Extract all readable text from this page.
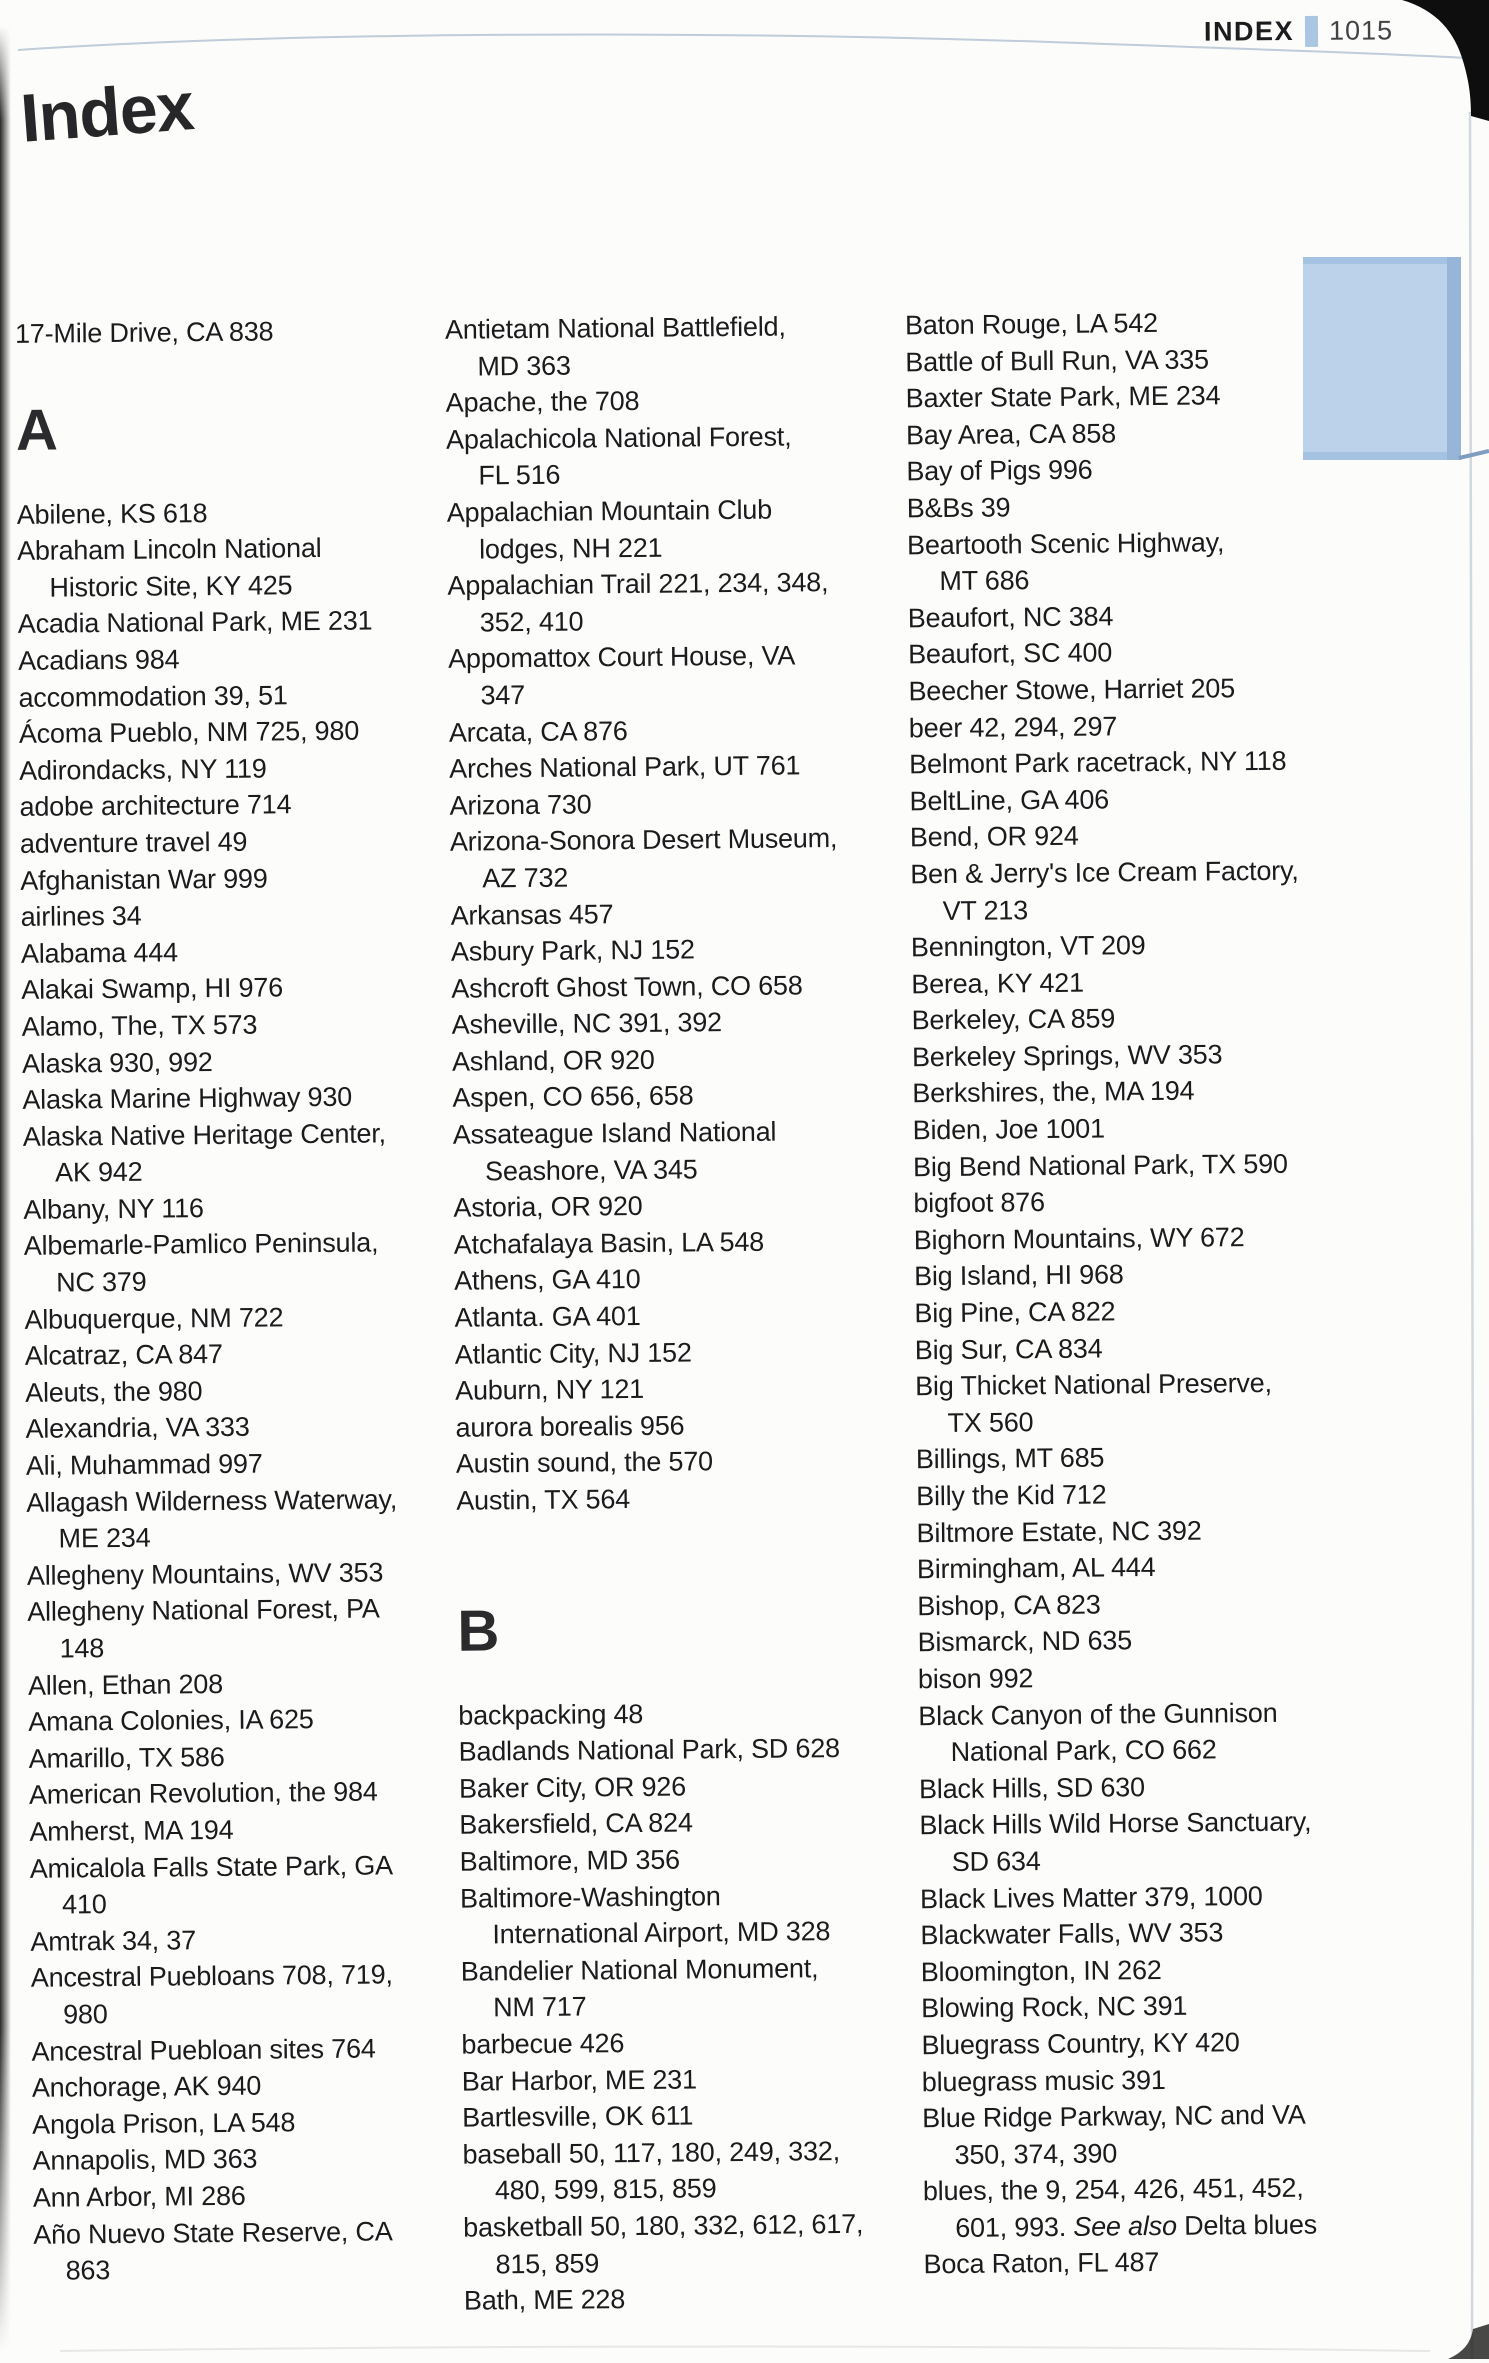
INDEX 1015
Index
17-Mile Drive, CA 838
A
Abilene, KS 618
Abraham Lincoln National
Historic Site, KY 425
Acadia National Park, ME 231
Acadians 984
accommodation 39, 51
Ácoma Pueblo, NM 725, 980
Adirondacks, NY 119
adobe architecture 714
adventure travel 49
Afghanistan War 999
airlines 34
Alabama 444
Alakai Swamp, HI 976
Alamo, The, TX 573
Alaska 930, 992
Alaska Marine Highway 930
Alaska Native Heritage Center,
AK 942
Albany, NY 116
Albemarle-Pamlico Peninsula,
NC 379
Albuquerque, NM 722
Alcatraz, CA 847
Aleuts, the 980
Alexandria, VA 333
Ali, Muhammad 997
Allagash Wilderness Waterway,
ME 234
Allegheny Mountains, WV 353
Allegheny National Forest, PA
148
Allen, Ethan 208
Amana Colonies, IA 625
Amarillo, TX 586
American Revolution, the 984
Amherst, MA 194
Amicalola Falls State Park, GA
410
Amtrak 34, 37
Ancestral Puebloans 708, 719,
980
Ancestral Puebloan sites 764
Anchorage, AK 940
Angola Prison, LA 548
Annapolis, MD 363
Ann Arbor, MI 286
Año Nuevo State Reserve, CA
863
Antietam National Battlefield,
MD 363
Apache, the 708
Apalachicola National Forest,
FL 516
Appalachian Mountain Club
lodges, NH 221
Appalachian Trail 221, 234, 348,
352, 410
Appomattox Court House, VA
347
Arcata, CA 876
Arches National Park, UT 761
Arizona 730
Arizona-Sonora Desert Museum,
AZ 732
Arkansas 457
Asbury Park, NJ 152
Ashcroft Ghost Town, CO 658
Asheville, NC 391, 392
Ashland, OR 920
Aspen, CO 656, 658
Assateague Island National
Seashore, VA 345
Astoria, OR 920
Atchafalaya Basin, LA 548
Athens, GA 410
Atlanta. GA 401
Atlantic City, NJ 152
Auburn, NY 121
aurora borealis 956
Austin sound, the 570
Austin, TX 564
B
backpacking 48
Badlands National Park, SD 628
Baker City, OR 926
Bakersfield, CA 824
Baltimore, MD 356
Baltimore-Washington
International Airport, MD 328
Bandelier National Monument,
NM 717
barbecue 426
Bar Harbor, ME 231
Bartlesville, OK 611
baseball 50, 117, 180, 249, 332,
480, 599, 815, 859
basketball 50, 180, 332, 612, 617,
815, 859
Bath, ME 228
Baton Rouge, LA 542
Battle of Bull Run, VA 335
Baxter State Park, ME 234
Bay Area, CA 858
Bay of Pigs 996
B&Bs 39
Beartooth Scenic Highway,
MT 686
Beaufort, NC 384
Beaufort, SC 400
Beecher Stowe, Harriet 205
beer 42, 294, 297
Belmont Park racetrack, NY 118
BeltLine, GA 406
Bend, OR 924
Ben & Jerry's Ice Cream Factory,
VT 213
Bennington, VT 209
Berea, KY 421
Berkeley, CA 859
Berkeley Springs, WV 353
Berkshires, the, MA 194
Biden, Joe 1001
Big Bend National Park, TX 590
bigfoot 876
Bighorn Mountains, WY 672
Big Island, HI 968
Big Pine, CA 822
Big Sur, CA 834
Big Thicket National Preserve,
TX 560
Billings, MT 685
Billy the Kid 712
Biltmore Estate, NC 392
Birmingham, AL 444
Bishop, CA 823
Bismarck, ND 635
bison 992
Black Canyon of the Gunnison
National Park, CO 662
Black Hills, SD 630
Black Hills Wild Horse Sanctuary,
SD 634
Black Lives Matter 379, 1000
Blackwater Falls, WV 353
Bloomington, IN 262
Blowing Rock, NC 391
Bluegrass Country, KY 420
bluegrass music 391
Blue Ridge Parkway, NC and VA
350, 374, 390
blues, the 9, 254, 426, 451, 452,
601, 993. See also Delta blues
Boca Raton, FL 487
